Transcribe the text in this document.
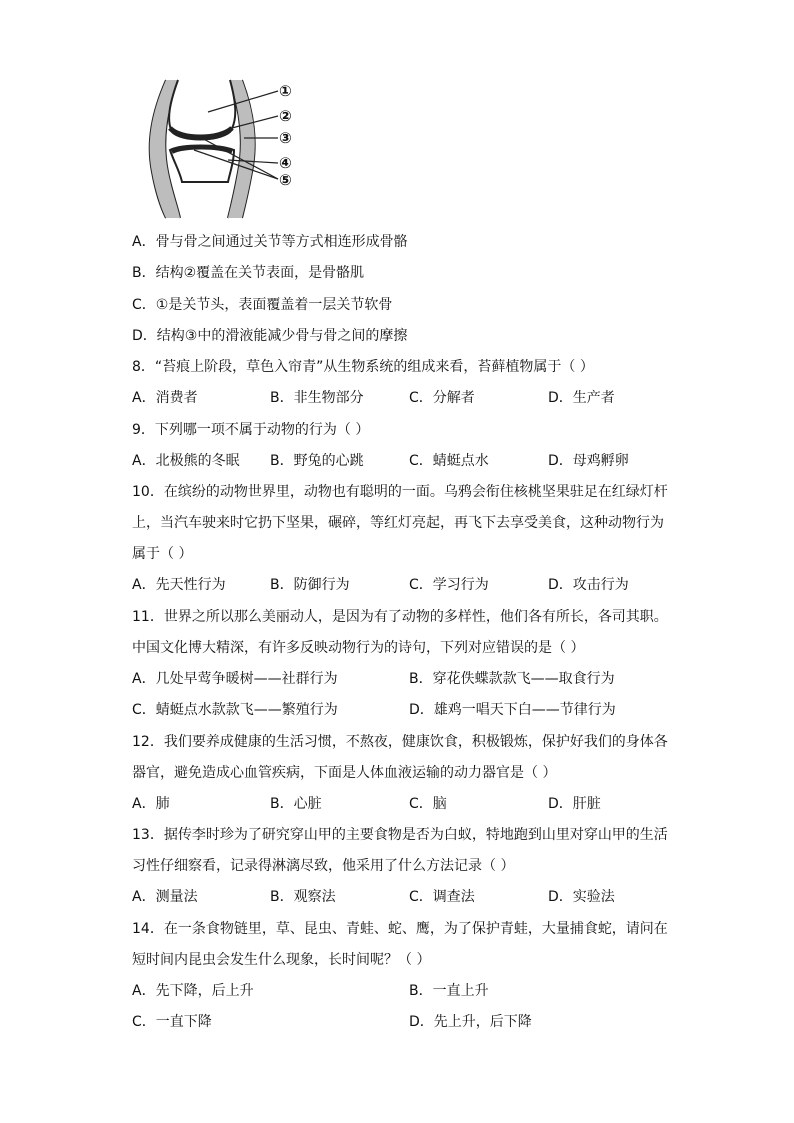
①
②
③
④
⑤
A．骨与骨之间通过关节等方式相连形成骨骼
B．结构②覆盖在关节表面，是骨骼肌
C．①是关节头，表面覆盖着一层关节软骨
D．结构③中的滑液能减少骨与骨之间的摩擦
8．“苔痕上阶段，草色入帘青”从生物系统的组成来看，苔藓植物属于（ ）
A．消费者	B．非生物部分	C．分解者	D．生产者
9．下列哪一项不属于动物的行为（ ）
A．北极熊的冬眠 B．野兔的心跳	C．蜻蜓点水	D．母鸡孵卵
10．在缤纷的动物世界里，动物也有聪明的一面。乌鸦会衔住核桃坚果驻足在红绿灯杆
上，当汽车驶来时它扔下坚果，碾碎，等红灯亮起，再飞下去享受美食，这种动物行为
属于（ ）
A．先天性行为	B．防御行为	C．学习行为	D．攻击行为
11．世界之所以那么美丽动人，是因为有了动物的多样性，他们各有所长，各司其职。
中国文化博大精深，有许多反映动物行为的诗句，下列对应错误的是（ ）
A．几处早莺争暖树——社群行为	B．穿花佚蝶款款飞——取食行为
C．蜻蜓点水款款飞——繁殖行为	D．雄鸡一唱天下白——节律行为
12．我们要养成健康的生活习惯，不熬夜，健康饮食，积极锻炼，保护好我们的身体各
器官，避免造成心血管疾病，下面是人体血液运输的动力器官是（ ）
A．肺	B．心脏	C．脑	D．肝脏
13．据传李时珍为了研究穿山甲的主要食物是否为白蚁，特地跑到山里对穿山甲的生活
习性仔细察看，记录得淋漓尽致，他采用了什么方法记录（ ）
A．测量法	B．观察法	C．调查法	D．实验法
14．在一条食物链里，草、昆虫、青蛙、蛇、鹰，为了保护青蛙，大量捕食蛇，请问在
短时间内昆虫会发生什么现象，长时间呢？（ ）
A．先下降，后上升	B．一直上升
C．一直下降	D．先上升，后下降
